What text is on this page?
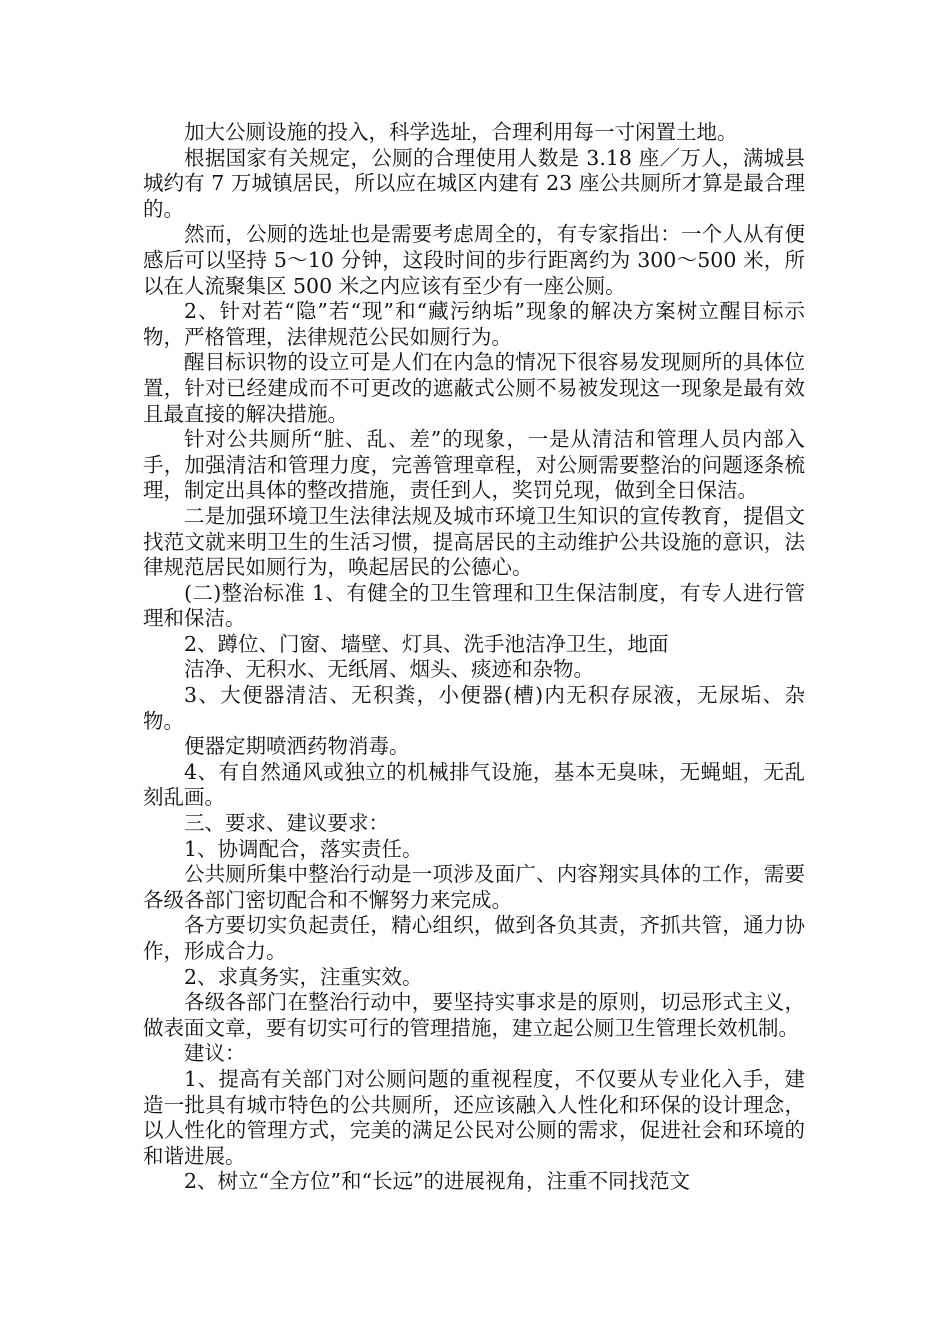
加大公厕设施的投入，科学选址，合理利用每一寸闲置土地。

根据国家有关规定，公厕的合理使用人数是 3.18 座／万人，满城县城约有 7 万城镇居民，所以应在城区内建有 23 座公共厕所才算是最合理的。

然而，公厕的选址也是需要考虑周全的，有专家指出：一个人从有便感后可以坚持 5～10 分钟，这段时间的步行距离约为 300～500 米，所以在人流聚集区 500 米之内应该有至少有一座公厕。

2、针对若“隐”若“现”和“藏污纳垢”现象的解决方案树立醒目标示物，严格管理，法律规范公民如厕行为。

醒目标识物的设立可是人们在内急的情况下很容易发现厕所的具体位置，针对已经建成而不可更改的遮蔽式公厕不易被发现这一现象是最有效且最直接的解决措施。

针对公共厕所“脏、乱、差”的现象，一是从清洁和管理人员内部入手，加强清洁和管理力度，完善管理章程，对公厕需要整治的问题逐条梳理，制定出具体的整改措施，责任到人，奖罚兑现，做到全日保洁。

二是加强环境卫生法律法规及城市环境卫生知识的宣传教育，提倡文找范文就来明卫生的生活习惯，提高居民的主动维护公共设施的意识，法律规范居民如厕行为，唤起居民的公德心。

(二)整治标准 1、有健全的卫生管理和卫生保洁制度，有专人进行管理和保洁。

2、蹲位、门窗、墙壁、灯具、洗手池洁净卫生，地面

洁净、无积水、无纸屑、烟头、痰迹和杂物。

3、大便器清洁、无积粪，小便器(槽)内无积存尿液，无尿垢、杂物。

便器定期喷洒药物消毒。

4、有自然通风或独立的机械排气设施，基本无臭味，无蝇蛆，无乱刻乱画。

三、要求、建议要求：

1、协调配合，落实责任。

公共厕所集中整治行动是一项涉及面广、内容翔实具体的工作，需要各级各部门密切配合和不懈努力来完成。

各方要切实负起责任，精心组织，做到各负其责，齐抓共管，通力协作，形成合力。

2、求真务实，注重实效。

各级各部门在整治行动中，要坚持实事求是的原则，切忌形式主义，做表面文章，要有切实可行的管理措施，建立起公厕卫生管理长效机制。

建议：

1、提高有关部门对公厕问题的重视程度，不仅要从专业化入手，建造一批具有城市特色的公共厕所，还应该融入人性化和环保的设计理念，以人性化的管理方式，完美的满足公民对公厕的需求，促进社会和环境的和谐进展。

2、树立“全方位”和“长远”的进展视角，注重不同找范文
